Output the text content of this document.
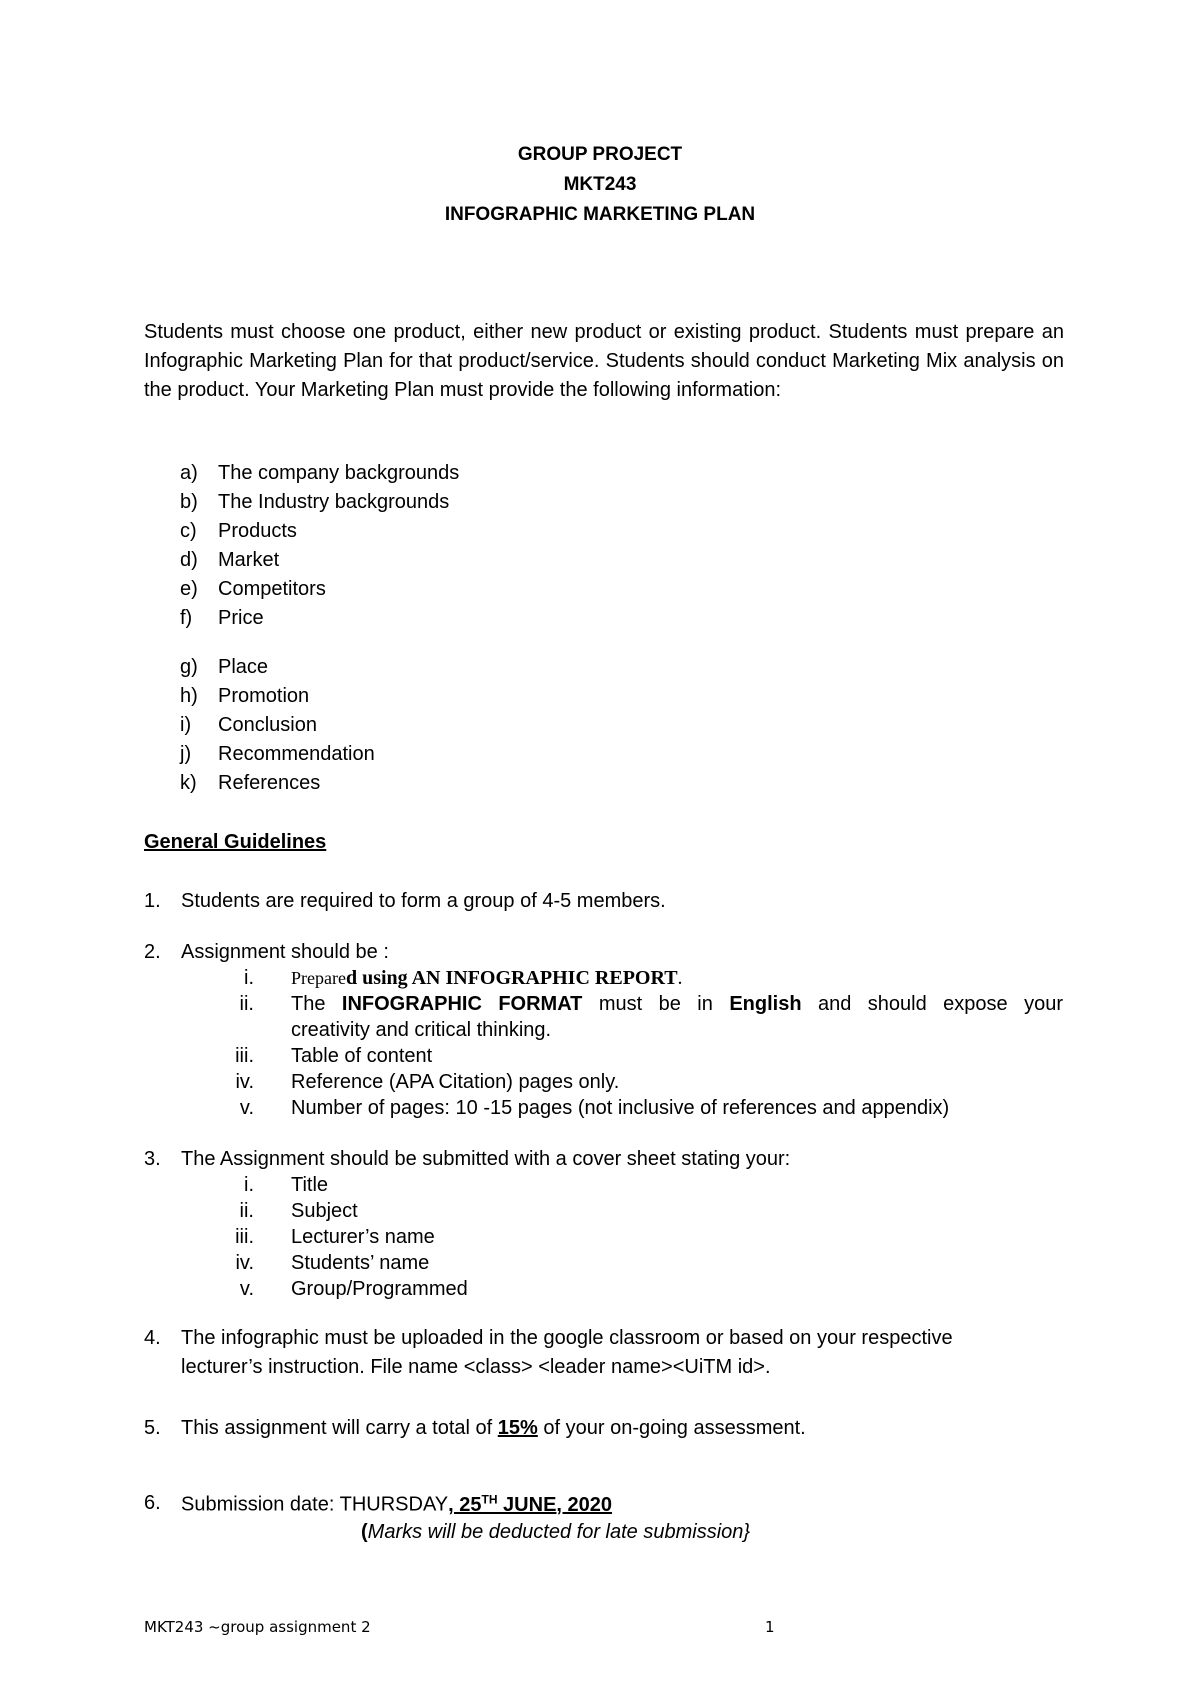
GROUP PROJECT
MKT243
INFOGRAPHIC MARKETING PLAN
Students must choose one product, either new product or existing product. Students must prepare an Infographic Marketing Plan for that product/service. Students should conduct Marketing Mix analysis on the product. Your Marketing Plan must provide the following information:
a) The company backgrounds
b) The Industry backgrounds
c) Products
d) Market
e) Competitors
f) Price
g) Place
h) Promotion
i) Conclusion
j) Recommendation
k) References
General Guidelines
1. Students are required to form a group of 4-5 members.
2. Assignment should be :
i. Prepared using AN INFOGRAPHIC REPORT.
ii. The INFOGRAPHIC FORMAT must be in English and should expose your
creativity and critical thinking.
iii. Table of content
iv. Reference (APA Citation) pages only.
v. Number of pages: 10 -15 pages (not inclusive of references and appendix)
3. The Assignment should be submitted with a cover sheet stating your:
i. Title
ii. Subject
iii. Lecturer’s name
iv. Students’ name
v. Group/Programmed
4. The infographic must be uploaded in the google classroom or based on your respective
lecturer’s instruction. File name <class> <leader name><UiTM id>.
5. This assignment will carry a total of 15% of your on-going assessment.
6. Submission date: THURSDAY, 25TH JUNE, 2020
(Marks will be deducted for late submission}
MKT243 ~group assignment 2	1
